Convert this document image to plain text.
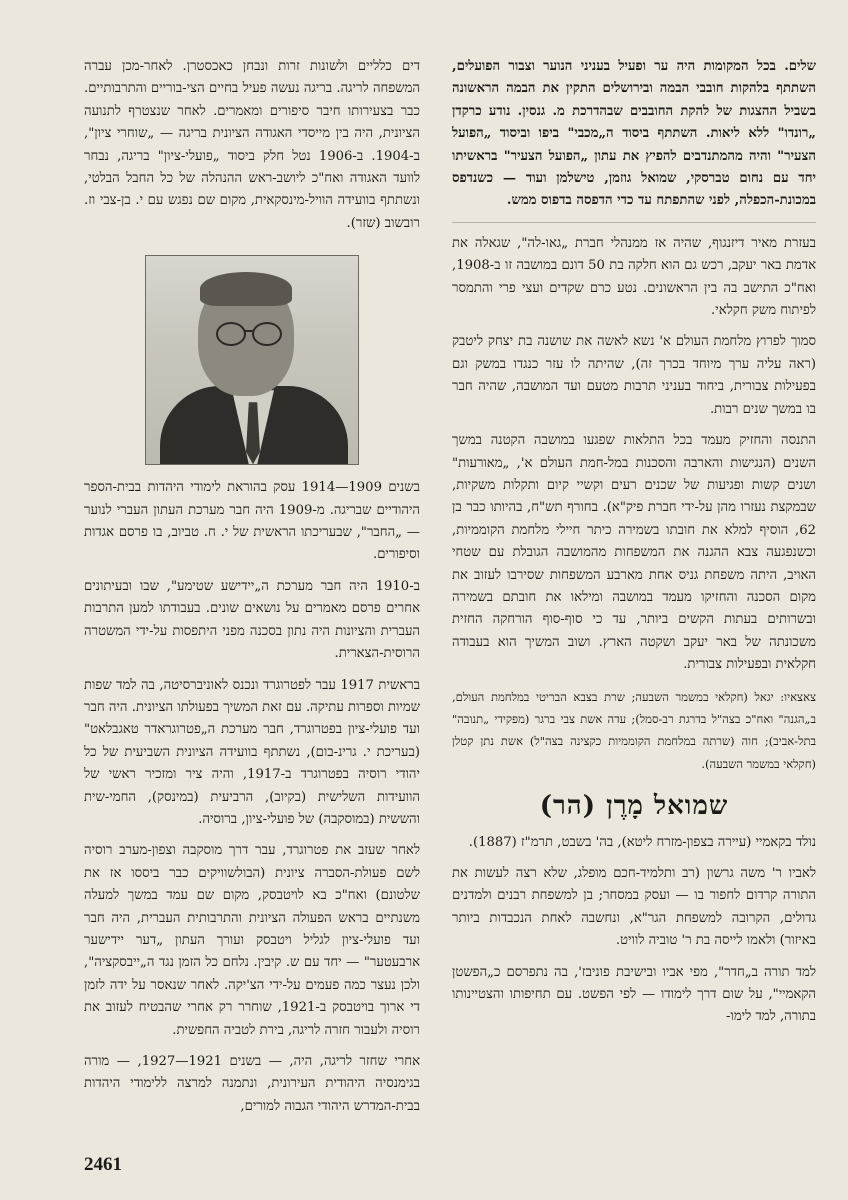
שלים. בכל המקומות היה ער ופעיל בעניני הנוער וצבור הפועלים, השתתף בלהקות חובבי הבמה ובירושלים התקין את הבמה הראשונה בשביל ההצגות של להקת החובבים שבהדרכת מ. גנסין. נודע כרקדן „רונדו" ללא ליאות. השתתף ביסוד ה„מכבי" ביפו וביסוד „הפועל הצעיר" והיה מהמתנדבים להפיץ את עתון „הפועל הצעיר" בראשיתו יחד עם נחום טברסקי, שמואל גוזמן, טישלמן ועוד — כשנדפס במכונת-הכפלה, לפני שהתפתח עד כדי הדפסה בדפוס ממש.

בעזרת מאיר דיזנגוף, שהיה אז ממנהלי חברת „גאו-לה", שגאלה את אדמת באר יעקב, רכש גם הוא חלקה בת 50 דונם במושבה זו ב-1908, ואח"כ התישב בה בין הראשונים. נטע כרם שקדים ועצי פרי והתמסר לפיתוח משק חקלאי.

סמוך לפרוץ מלחמת העולם א' נשא לאשה את שושנה בת יצחק ליטבק (ראה עליה ערך מיוחד בכרך זה), שהיתה לו עזר כנגדו במשק וגם בפעילות צבורית, ביחוד בעניני תרבות מטעם ועד המושבה, שהיה חבר בו במשך שנים רבות.

התנסה והחזיק מעמד בכל התלאות שפגעו במושבה הקטנה במשך השנים (הנגישות והארבה והסכנות במל-חמת העולם א', „מאורעות" ושנים קשות ופגיעות של שכנים רעים וקשיי קיום ותקלות משקיות, שבמקצת נעזרו מהן על-ידי חברת פיק"א). בחורף תש"ח, בהיותו כבר בן 62, הוסיף למלא את חובתו בשמירה כיתר חיילי מלחמת הקוממיות, וכשנפגעה צבא ההגנה את המשפחות מהמושבה הגובלת עם שטחי האויב, היתה משפחת גניס אחת מארבע המשפחות שסירבו לעזוב את מקום הסכנה והחזיקו מעמד במושבה ומילאו את חובתם בשמירה ובשרותים בעתות הקשים ביותר, עד כי סוף-סוף הורחקה החזית משכונתה של באר יעקב ושקטה הארץ. ושוב המשיך הוא בעבודה חקלאית ובפעילות צבורית.

צאצאיו: יגאל (חקלאי במשמר השבעה; שרת בצבא הבריטי במלחמת העולם, ב„הגנה" ואח"כ בצה"ל בדרגת רב-סמל); עדה אשת צבי ברגר (מפקידי „תנובה" בתל-אביב); חוה (שרתה במלחמת הקוממיות כקצינה בצה"ל) אשת נתן קטלן (חקלאי במשמר השבעה).

שמואל מָרֶן (הר)

נולד בקאמיי (עיירה בצפון-מזרח ליטא), בה' בשבט, תרמ"ז (1887).

לאביו ר' משה גרשון (רב ותלמיד-חכם מופלג, שלא רצה לעשות את התורה קרדום לחפור בו — ועסק במסחר; בן למשפחת רבנים ולמדנים גדולים, הקרובה למשפחת הגר"א, ונחשבה לאחת הנכבדות ביותר באיזור) ולאמו לייסה בת ר' טוביה לוויט.

למד תורה ב„חדר", מפי אביו ובישיבת פוניבז', בה נתפרסם כ„הפשטן הקאמיי", על שום דרך לימודו — לפי הפשט. עם תחיפותו והצטיינותו בתורה, למד לימו-

דים כלליים ולשונות זרות ונבחן כאכסטרן. לאחר-מכן עברה המשפחה לריגה. בריגה נעשה פעיל בחיים הצי-בוריים והתרבותיים. כבר בצעירותו חיבר סיפורים ומאמרים. לאחר שנצטרף לתנועה הציונית, היה בין מייסדי האגודה הציונית בריגה — „שוחרי ציון", ב-1904. ב-1906 נטל חלק ביסוד „פועלי-ציון" בריגה, נבחר לוועד האגודה ואח"כ ליושב-ראש ההנהלה של כל החבל הבלטי, ונשתתף בוועידה הוויל-מינסקאית, מקום שם נפגש עם י. בן-צבי וז. רובשוב (שזר).

בשנים 1909—1914 עסק בהוראת לימודי היהדות בבית-הספר היהודיים שבריגה. מ-1909 היה חבר מערכת העתון העברי לנוער — „החבר", שבעריכתו הראשית של י. ח. טביוב, בו פרסם אגדות וסיפורים.

ב-1910 היה חבר מערכת ה„יידישע שטימע", שבו ובעיתונים אחרים פרסם מאמרים על נושאים שונים. בעבודתו למען התרבות העברית והציונות היה נתון בסכנה מפני היתפסות על-ידי המשטרה הרוסית-הצארית.

בראשית 1917 עבר לפטרוגרד ונכנס לאוניברסיטה, בה למד שפות שמיות וספרות עתיקה. עם זאת המשיך בפעולתו הציונית. היה חבר ועד פועלי-ציון בפטרוגרד, חבר מערכת ה„פטרוגראדר טאגבלאט" (בעריכת י. גרינ-בום), נשתתף בוועידה הציונית השביעית של כל יהודי רוסיה בפטרוגרד ב-1917, והיה ציר ומזכיר ראשי של הוועידות השלישית (בקיוב), הרביעית (במינסק), החמי-שית והששית (במוסקבה) של פועלי-ציון, ברוסיה.

לאחר שעזב את פטרוגרד, עבר דרך מוסקבה וצפון-מערב רוסיה לשם פעולת-הסברה ציונית (הבולשוויקים כבר ביססו אז את שלטונם) ואח"כ בא לויטבסק, מקום שם עמד במשך למעלה משנתיים בראש הפעולה הציונית והתרבותית העברית, היה חבר ועד פועלי-ציון לגליל ויטבסק ועורך העתון „דער יידישער ארבעטער" — יחד עם ש. קיבין. נלחם כל הזמן נגד ה„ייבסקציה", ולכן נעצר כמה פעמים על-ידי הצ'יקה. לאחר שנאסר על ידה לזמן די ארוך בויטבסק ב-1921, שוחרר רק אחרי שהבטיח לעזוב את רוסיה ולעבור חזרה לריגה, בירת לטביה החפשית.

אחרי שחזר לריגה, היה, — בשנים 1921—1927, — מורה בגימנסיה היהודית העירונית, ונתמנה למרצה ללימודי היהדות בבית-המדרש היהודי הגבוה למורים,

2461
